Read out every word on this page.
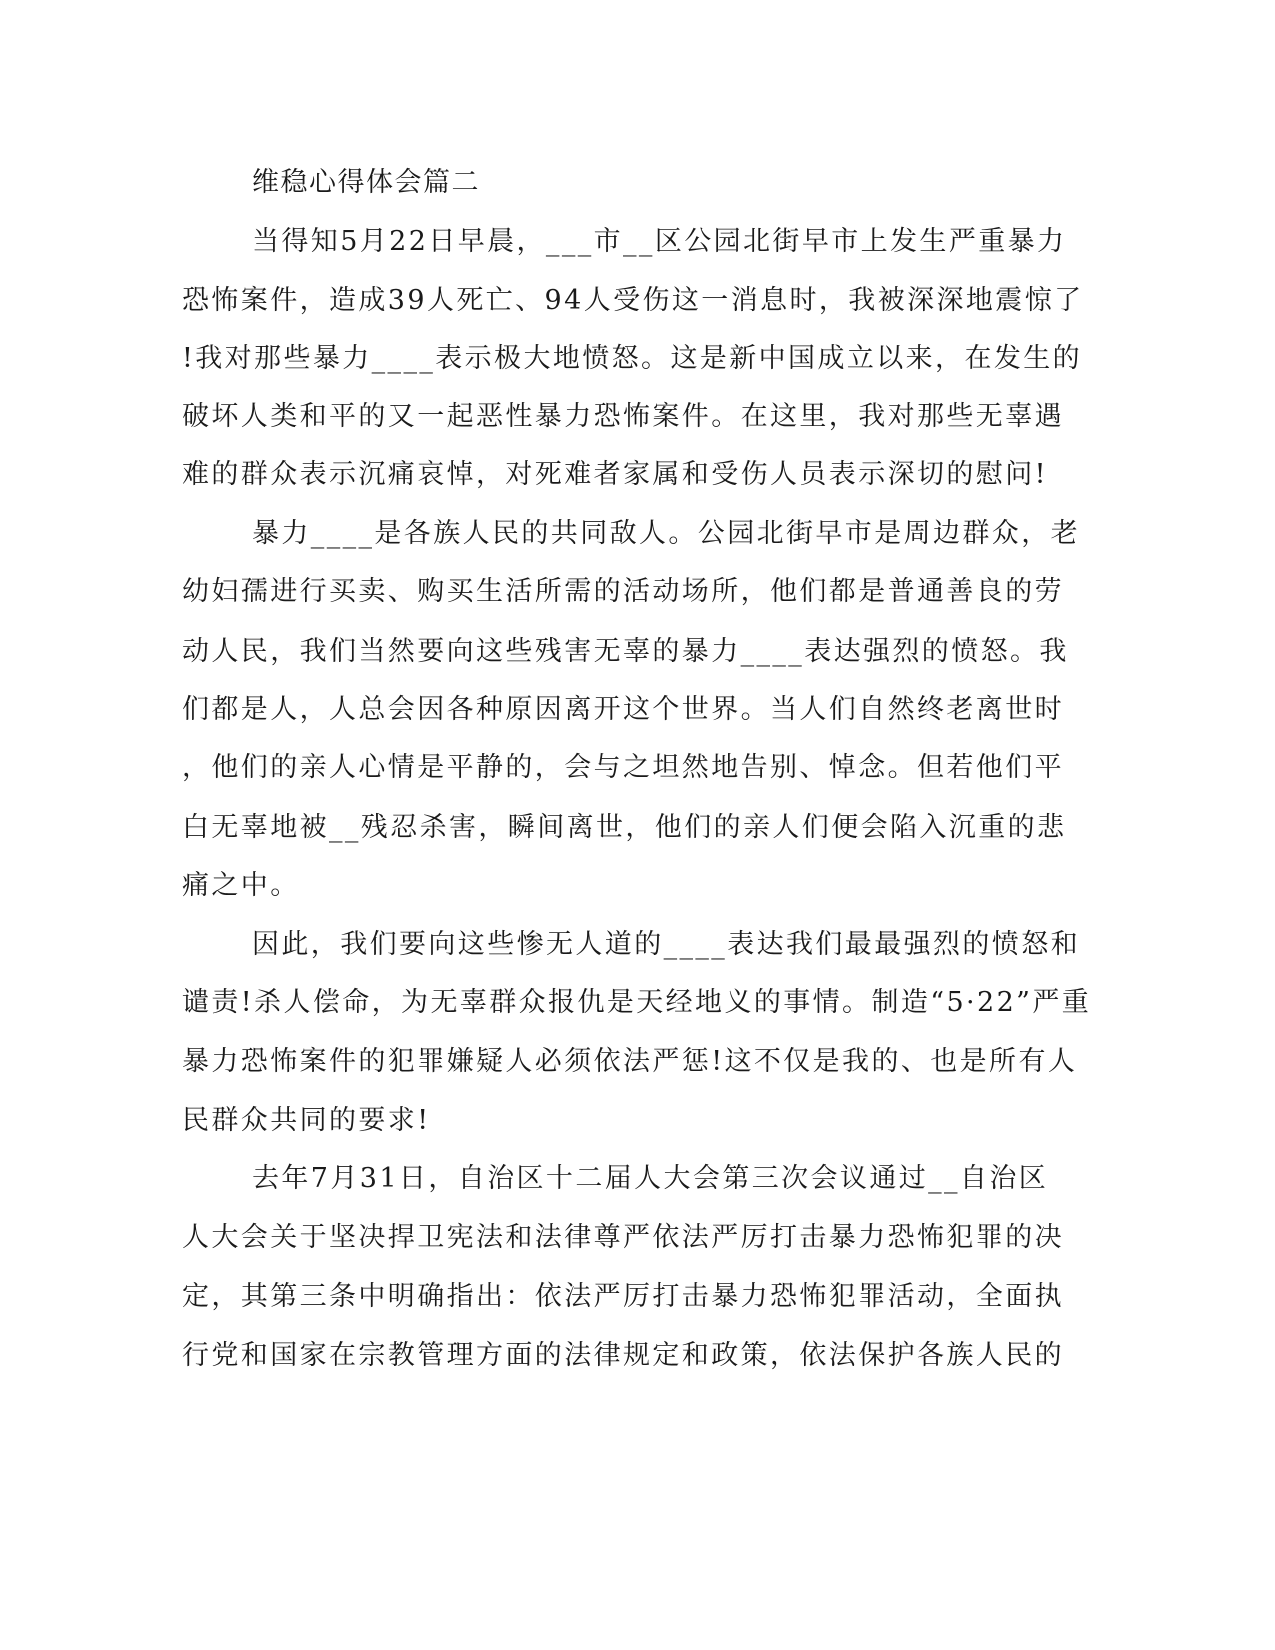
维稳心得体会篇二
当得知5月22日早晨，___市__区公园北街早市上发生严重暴力
恐怖案件，造成39人死亡、94人受伤这一消息时，我被深深地震惊了
!我对那些暴力____表示极大地愤怒。这是新中国成立以来，在发生的
破坏人类和平的又一起恶性暴力恐怖案件。在这里，我对那些无辜遇
难的群众表示沉痛哀悼，对死难者家属和受伤人员表示深切的慰问!
暴力____是各族人民的共同敌人。公园北街早市是周边群众，老
幼妇孺进行买卖、购买生活所需的活动场所，他们都是普通善良的劳
动人民，我们当然要向这些残害无辜的暴力____表达强烈的愤怒。我
们都是人，人总会因各种原因离开这个世界。当人们自然终老离世时
，他们的亲人心情是平静的，会与之坦然地告别、悼念。但若他们平
白无辜地被__残忍杀害，瞬间离世，他们的亲人们便会陷入沉重的悲
痛之中。
因此，我们要向这些惨无人道的____表达我们最最强烈的愤怒和
谴责!杀人偿命，为无辜群众报仇是天经地义的事情。制造“5·22”严重
暴力恐怖案件的犯罪嫌疑人必须依法严惩!这不仅是我的、也是所有人
民群众共同的要求!
去年7月31日，自治区十二届人大会第三次会议通过__自治区
人大会关于坚决捍卫宪法和法律尊严依法严厉打击暴力恐怖犯罪的决
定，其第三条中明确指出：依法严厉打击暴力恐怖犯罪活动，全面执
行党和国家在宗教管理方面的法律规定和政策，依法保护各族人民的
